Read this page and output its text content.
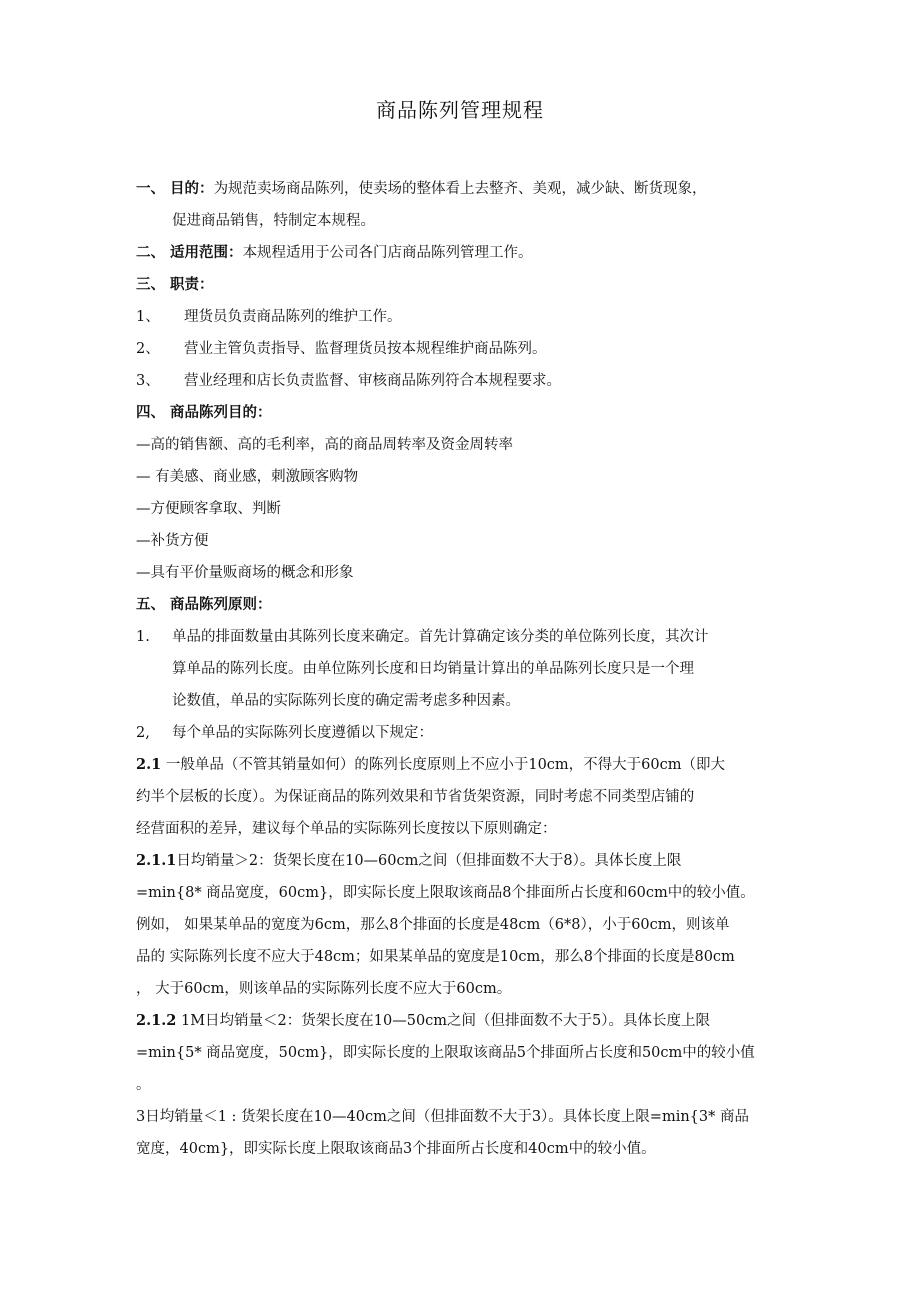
商品陈列管理规程
一、 目的：为规范卖场商品陈列，使卖场的整体看上去整齐、美观，减少缺、断货现象，
促进商品销售，特制定本规程。
二、 适用范围：本规程适用于公司各门店商品陈列管理工作。
三、 职责：
1、 理货员负责商品陈列的维护工作。
2、 营业主管负责指导、监督理货员按本规程维护商品陈列。
3、 营业经理和店长负责监督、审核商品陈列符合本规程要求。
四、 商品陈列目的：
—高的销售额、高的毛利率，高的商品周转率及资金周转率
— 有美感、商业感，刺激顾客购物
—方便顾客拿取、判断
—补货方便
—具有平价量贩商场的概念和形象
五、 商品陈列原则：
1. 单品的排面数量由其陈列长度来确定。首先计算确定该分类的单位陈列长度，其次计
算单品的陈列长度。由单位陈列长度和日均销量计算出的单品陈列长度只是一个理
论数值，单品的实际陈列长度的确定需考虑多种因素。
2, 每个单品的实际陈列长度遵循以下规定：
2.1 一般单品（不管其销量如何）的陈列长度原则上不应小于10cm，不得大于60cm（即大
约半个层板的长度）。为保证商品的陈列效果和节省货架资源，同时考虑不同类型店铺的
经营面积的差异，建议每个单品的实际陈列长度按以下原则确定：
2.1.1日均销量＞2：货架长度在10—60cm之间（但排面数不大于8）。具体长度上限
=min{8* 商品宽度，60cm}，即实际长度上限取该商品8个排面所占长度和60cm中的较小值。
例如， 如果某单品的宽度为6cm，那么8个排面的长度是48cm（6*8），小于60cm，则该单
品的 实际陈列长度不应大于48cm；如果某单品的宽度是10cm，那么8个排面的长度是80cm
， 大于60cm，则该单品的实际陈列长度不应大于60cm。
2.1.2 1M日均销量＜2：货架长度在10—50cm之间（但排面数不大于5）。具体长度上限
=min{5* 商品宽度，50cm}，即实际长度的上限取该商品5个排面所占长度和50cm中的较小值
。
3日均销量＜1 : 货架长度在10—40cm之间（但排面数不大于3）。具体长度上限=min{3* 商品
宽度，40cm}，即实际长度上限取该商品3个排面所占长度和40cm中的较小值。
